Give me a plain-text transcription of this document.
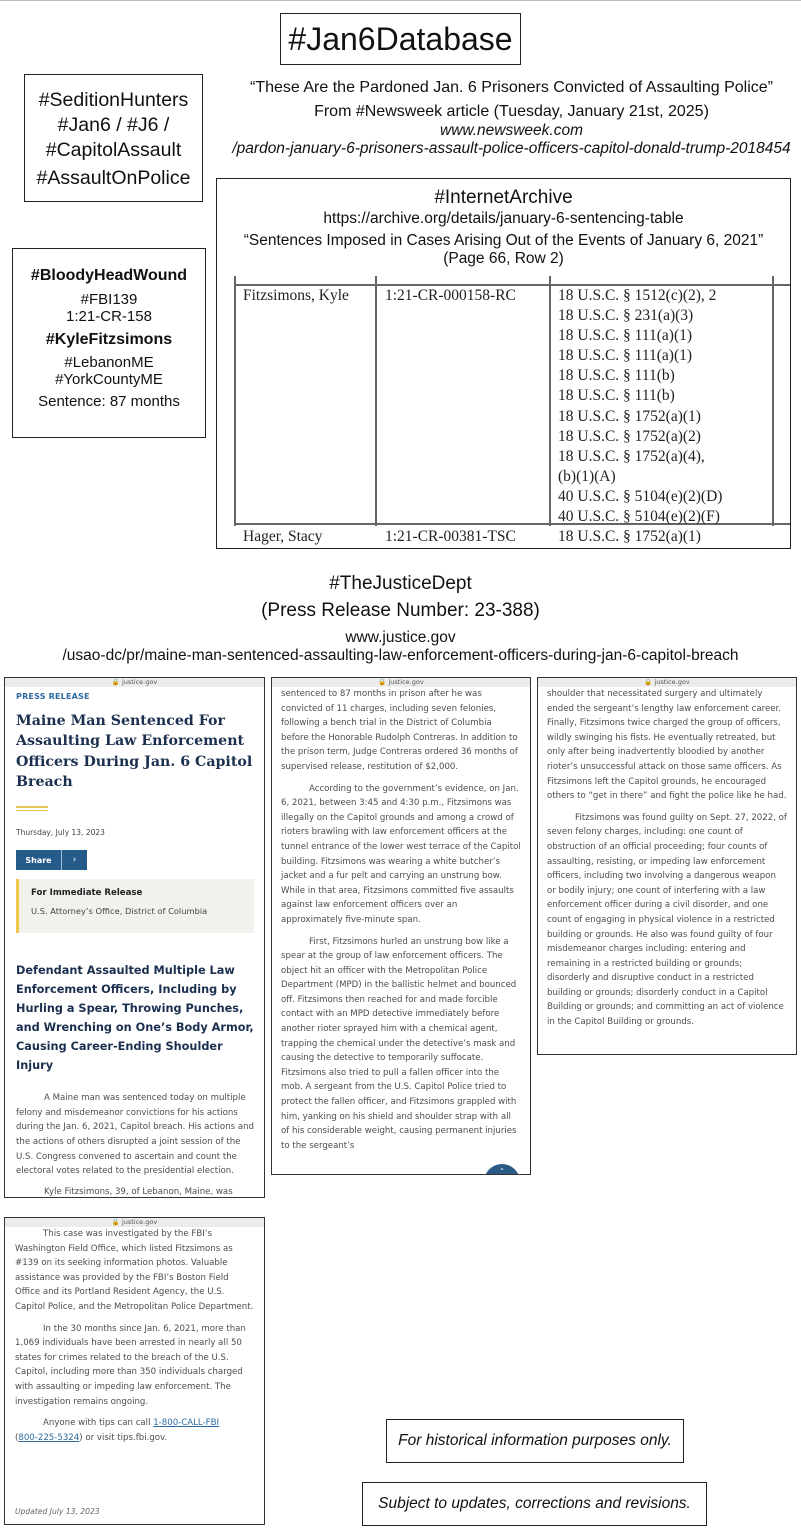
#Jan6Database
#SeditionHunters
#Jan6 / #J6 /
#CapitolAssault
#AssaultOnPolice
“These Are the Pardoned Jan. 6 Prisoners Convicted of Assaulting Police”
From #Newsweek article (Tuesday, January 21st, 2025)
www.newsweek.com
/pardon-january-6-prisoners-assault-police-officers-capitol-donald-trump-2018454
#BloodyHeadWound
#FBI139
1:21-CR-158
#KyleFitzsimons
#LebanonME
#YorkCountyME
Sentence: 87 months
#InternetArchive
https://archive.org/details/january-6-sentencing-table
“Sentences Imposed in Cases Arising Out of the Events of January 6, 2021”
(Page 66, Row 2)
Fitzsimons, Kyle 1:21-CR-000158-RC	18 U.S.C. § 1512(c)(2), 2
18 U.S.C. § 231(a)(3)
18 U.S.C. § 111(a)(1)
18 U.S.C. § 111(a)(1)
18 U.S.C. § 111(b)
18 U.S.C. § 111(b)
18 U.S.C. § 1752(a)(1)
18 U.S.C. § 1752(a)(2)
18 U.S.C. § 1752(a)(4),
(b)(1)(A)
40 U.S.C. § 5104(e)(2)(D)
40 U.S.C. § 5104(e)(2)(F)
Hager, Stacy	1:21-CR-00381-TSC	18 U.S.C. § 1752(a)(1)
#TheJusticeDept
(Press Release Number: 23-388)
www.justice.gov
/usao-dc/pr/maine-man-sentenced-assaulting-law-enforcement-officers-during-jan-6-capitol-breach
🔒 justice.gov
PRESS RELEASE
Maine Man Sentenced For Assaulting Law Enforcement Officers During Jan. 6 Capitol Breach
Thursday, July 13, 2023
Share	›
For Immediate Release
U.S. Attorney’s Office, District of Columbia
Defendant Assaulted Multiple Law Enforcement Officers, Including by Hurling a Spear, Throwing Punches, and Wrenching on One’s Body Armor, Causing Career-Ending Shoulder Injury

A Maine man was sentenced today on multiple felony and misdemeanor convictions for his actions during the Jan. 6, 2021, Capitol breach. His actions and the actions of others disrupted a joint session of the U.S. Congress convened to ascertain and count the electoral votes related to the presidential election.

Kyle Fitzsimons, 39, of Lebanon, Maine, was

🔒 justice.gov

sentenced to 87 months in prison after he was convicted of 11 charges, including seven felonies, following a bench trial in the District of Columbia before the Honorable Rudolph Contreras. In addition to the prison term, Judge Contreras ordered 36 months of supervised release, restitution of $2,000.

According to the government’s evidence, on Jan. 6, 2021, between 3:45 and 4:30 p.m., Fitzsimons was illegally on the Capitol grounds and among a crowd of rioters brawling with law enforcement officers at the tunnel entrance of the lower west terrace of the Capitol building. Fitzsimons was wearing a white butcher’s jacket and a fur pelt and carrying an unstrung bow. While in that area, Fitzsimons committed five assaults against law enforcement officers over an approximately five-minute span.

First, Fitzsimons hurled an unstrung bow like a spear at the group of law enforcement officers. The object hit an officer with the Metropolitan Police Department (MPD) in the ballistic helmet and bounced off. Fitzsimons then reached for and made forcible contact with an MPD detective immediately before another rioter sprayed him with a chemical agent, trapping the chemical under the detective’s mask and causing the detective to temporarily suffocate. Fitzsimons also tried to pull a fallen officer into the mob. A sergeant from the U.S. Capitol Police tried to protect the fallen officer, and Fitzsimons grappled with him, yanking on his shield and shoulder strap with all of his considerable weight, causing permanent injuries to the sergeant’s

ˆ
🔒 justice.gov

shoulder that necessitated surgery and ultimately ended the sergeant’s lengthy law enforcement career. Finally, Fitzsimons twice charged the group of officers, wildly swinging his fists. He eventually retreated, but only after being inadvertently bloodied by another rioter’s unsuccessful attack on those same officers. As Fitzsimons left the Capitol grounds, he encouraged others to “get in there” and fight the police like he had.

Fitzsimons was found guilty on Sept. 27, 2022, of seven felony charges, including: one count of obstruction of an official proceeding; four counts of assaulting, resisting, or impeding law enforcement officers, including two involving a dangerous weapon or bodily injury; one count of interfering with a law enforcement officer during a civil disorder, and one count of engaging in physical violence in a restricted building or grounds. He also was found guilty of four misdemeanor charges including: entering and remaining in a restricted building or grounds; disorderly and disruptive conduct in a restricted building or grounds; disorderly conduct in a Capitol Building or grounds; and committing an act of violence in the Capitol Building or grounds.

🔒 justice.gov

This case was investigated by the FBI’s Washington Field Office, which listed Fitzsimons as #139 on its seeking information photos. Valuable assistance was provided by the FBI’s Boston Field Office and its Portland Resident Agency, the U.S. Capitol Police, and the Metropolitan Police Department.

In the 30 months since Jan. 6, 2021, more than 1,069 individuals have been arrested in nearly all 50 states for crimes related to the breach of the U.S. Capitol, including more than 350 individuals charged with assaulting or impeding law enforcement. The investigation remains ongoing.

Anyone with tips can call 1-800-CALL-FBI
(800-225-5324) or visit tips.fbi.gov.

Updated July 13, 2023
For historical information purposes only.
Subject to updates, corrections and revisions.
